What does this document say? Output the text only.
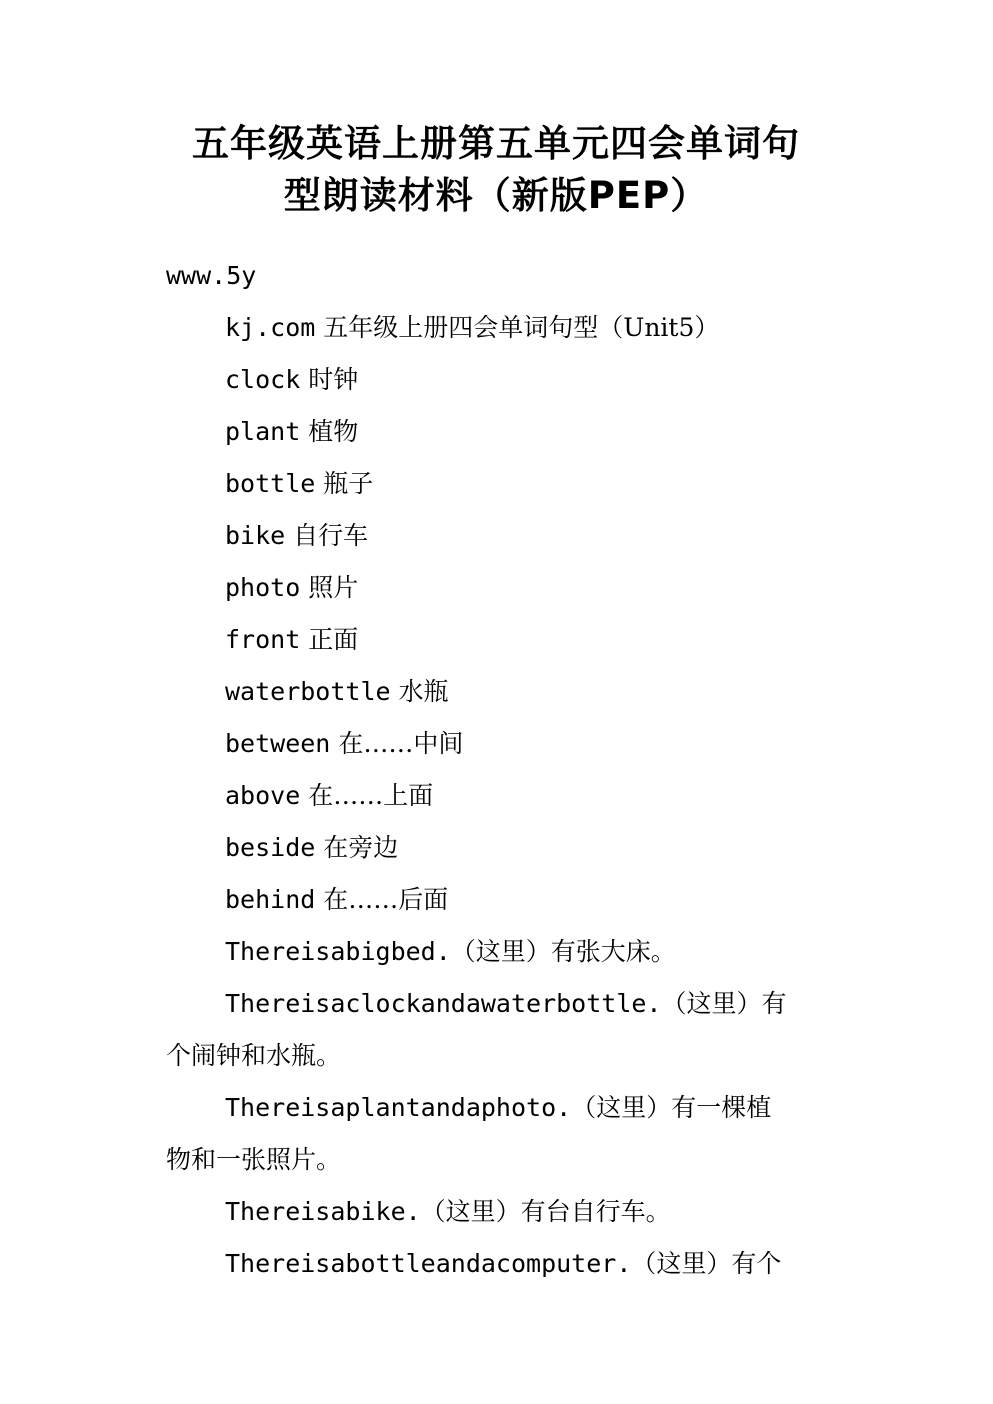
五年级英语上册第五单元四会单词句
型朗读材料（新版PEP）

www.5y

kj.com 五年级上册四会单词句型（Unit5）

clock 时钟

plant 植物

bottle 瓶子

bike 自行车

photo 照片

front 正面

waterbottle 水瓶

between 在……中间

above 在……上面

beside 在旁边

behind 在……后面

Thereisabigbed.（这里）有张大床。

Thereisaclockandawaterbottle.（这里）有

个闹钟和水瓶。

Thereisaplantandaphoto.（这里）有一棵植

物和一张照片。

Thereisabike.（这里）有台自行车。

Thereisabottleandacomputer.（这里）有个
